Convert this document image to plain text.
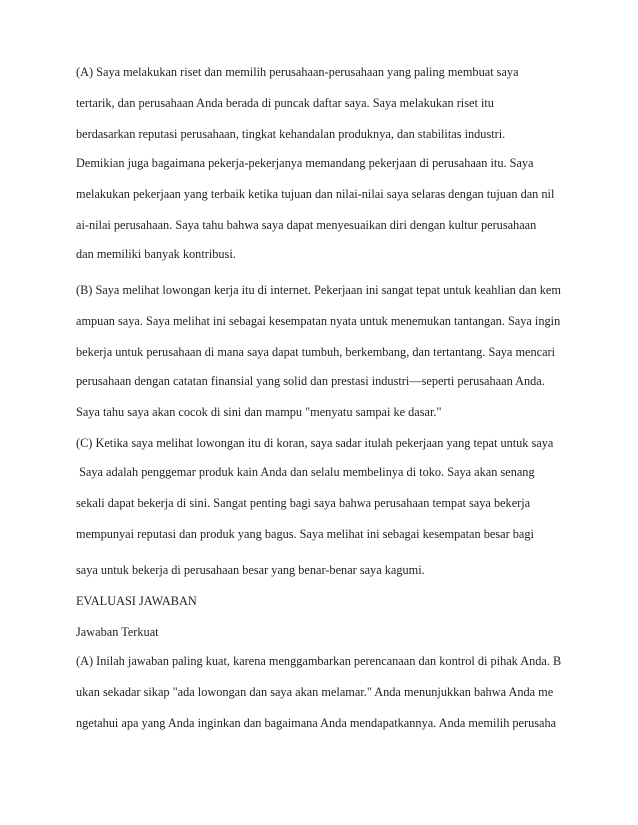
(A) Saya melakukan riset dan memilih perusahaan-perusahaan yang paling membuat saya
tertarik, dan perusahaan Anda berada di puncak daftar saya. Saya melakukan riset itu
berdasarkan reputasi perusahaan, tingkat kehandalan produknya, dan stabilitas industri.
Demikian juga bagaimana pekerja-pekerjanya memandang pekerjaan di perusahaan itu. Saya
melakukan pekerjaan yang terbaik ketika tujuan dan nilai-nilai saya selaras dengan tujuan dan nil
ai-nilai perusahaan. Saya tahu bahwa saya dapat menyesuaikan diri dengan kultur perusahaan
dan memiliki banyak kontribusi.
(B) Saya melihat lowongan kerja itu di internet. Pekerjaan ini sangat tepat untuk keahlian dan kem
ampuan saya. Saya melihat ini sebagai kesempatan nyata untuk menemukan tantangan. Saya ingin
bekerja untuk perusahaan di mana saya dapat tumbuh, berkembang, dan tertantang. Saya mencari
perusahaan dengan catatan finansial yang solid dan prestasi industri—seperti perusahaan Anda.
Saya tahu saya akan cocok di sini dan mampu "menyatu sampai ke dasar."
(C) Ketika saya melihat lowongan itu di koran, saya sadar itulah pekerjaan yang tepat untuk saya
Saya adalah penggemar produk kain Anda dan selalu membelinya di toko. Saya akan senang
sekali dapat bekerja di sini. Sangat penting bagi saya bahwa perusahaan tempat saya bekerja
mempunyai reputasi dan produk yang bagus. Saya melihat ini sebagai kesempatan besar bagi
saya untuk bekerja di perusahaan besar yang benar-benar saya kagumi.
EVALUASI JAWABAN
Jawaban Terkuat
(A) Inilah jawaban paling kuat, karena menggambarkan perencanaan dan kontrol di pihak Anda. B
ukan sekadar sikap "ada lowongan dan saya akan melamar." Anda menunjukkan bahwa Anda me
ngetahui apa yang Anda inginkan dan bagaimana Anda mendapatkannya. Anda memilih perusaha
